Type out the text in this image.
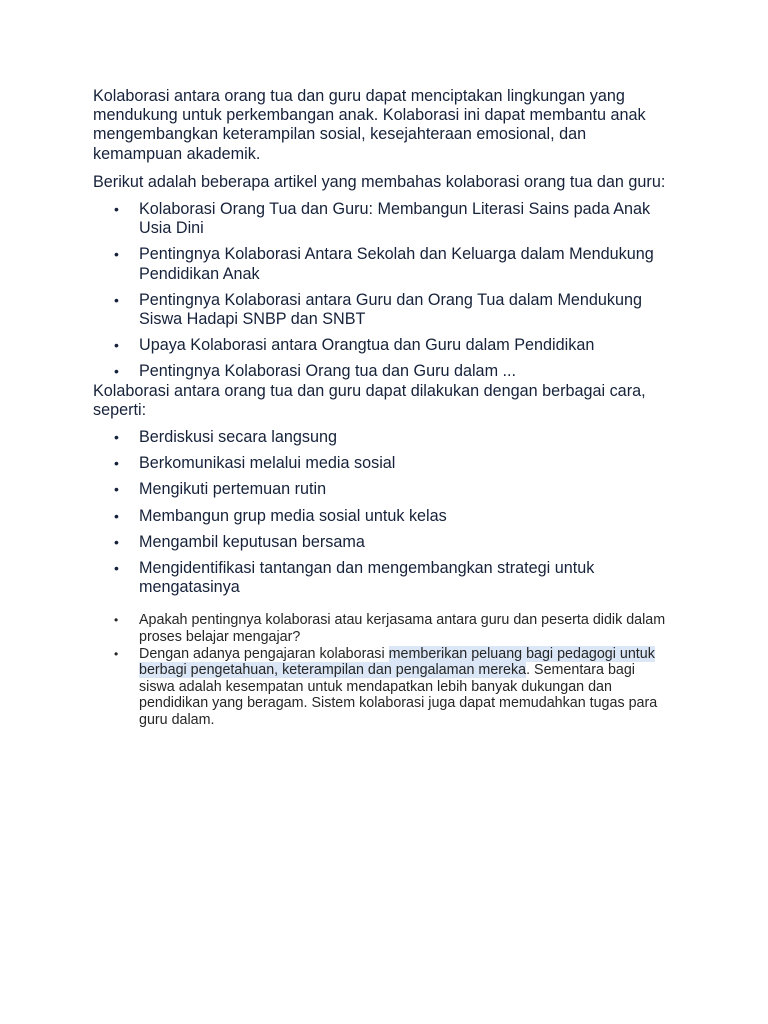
Kolaborasi antara orang tua dan guru dapat menciptakan lingkungan yang mendukung untuk perkembangan anak. Kolaborasi ini dapat membantu anak mengembangkan keterampilan sosial, kesejahteraan emosional, dan kemampuan akademik.

Berikut adalah beberapa artikel yang membahas kolaborasi orang tua dan guru:

• Kolaborasi Orang Tua dan Guru: Membangun Literasi Sains pada Anak Usia Dini
• Pentingnya Kolaborasi Antara Sekolah dan Keluarga dalam Mendukung Pendidikan Anak
• Pentingnya Kolaborasi antara Guru dan Orang Tua dalam Mendukung Siswa Hadapi SNBP dan SNBT
• Upaya Kolaborasi antara Orangtua dan Guru dalam Pendidikan
• Pentingnya Kolaborasi Orang tua dan Guru dalam ...

Kolaborasi antara orang tua dan guru dapat dilakukan dengan berbagai cara, seperti:

• Berdiskusi secara langsung
• Berkomunikasi melalui media sosial
• Mengikuti pertemuan rutin
• Membangun grup media sosial untuk kelas
• Mengambil keputusan bersama
• Mengidentifikasi tantangan dan mengembangkan strategi untuk mengatasinya
• Apakah pentingnya kolaborasi atau kerjasama antara guru dan peserta didik dalam proses belajar mengajar?
• Dengan adanya pengajaran kolaborasi memberikan peluang bagi pedagogi untuk berbagi pengetahuan, keterampilan dan pengalaman mereka. Sementara bagi siswa adalah kesempatan untuk mendapatkan lebih banyak dukungan dan pendidikan yang beragam. Sistem kolaborasi juga dapat memudahkan tugas para guru dalam.
